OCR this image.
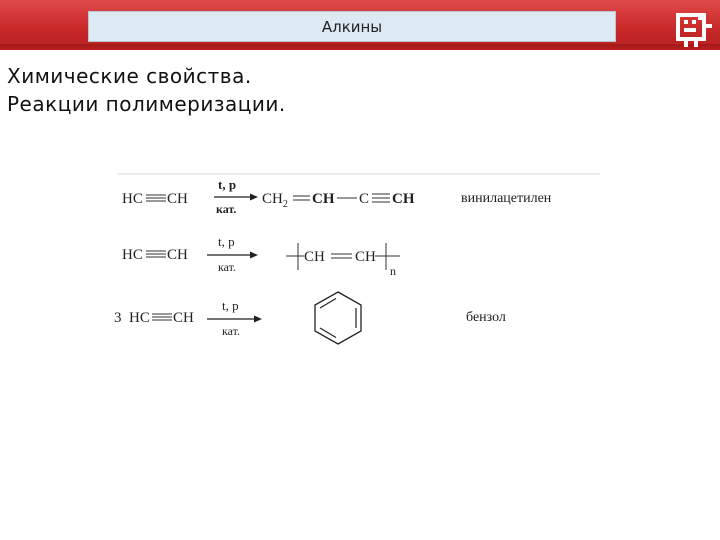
Алкины
Химические свойства.
Реакции полимеризации.
HC CH
t, p
кат.
$CH_2$ CH C CH	винилацетилен
HC CH
t, p
кат.
CH CH
n
3 HC CH
t, p
кат.
бензол
